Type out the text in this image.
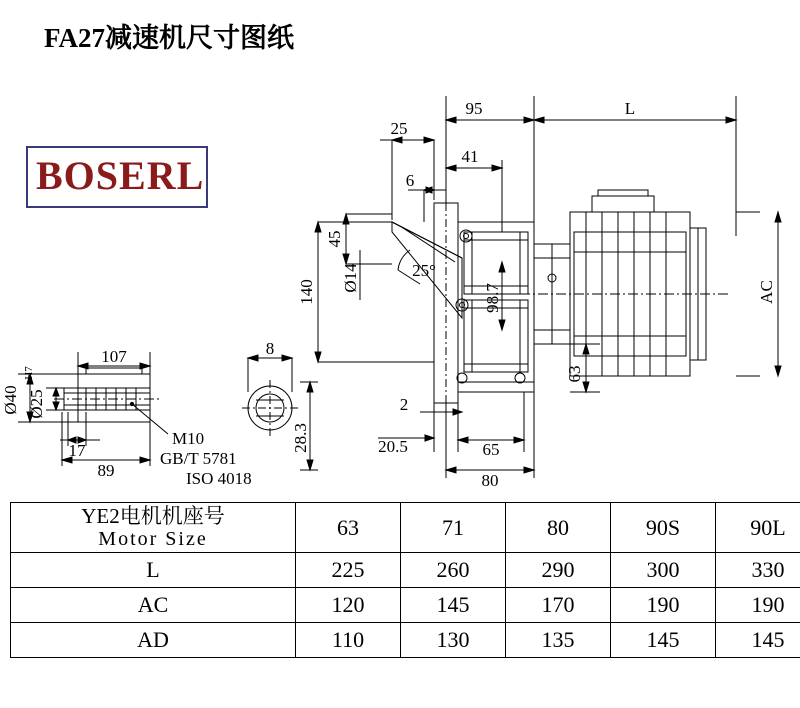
FA27减速机尺寸图纸
BOSERL
95	L
25
41
6
45
140 Ø14	25°
98.7	AC
63
2
20.5	65
80
107	8
17
89
Ø40 Ø25
H7
28.3
M10
GB/T 5781
ISO 4018
YE2电机机座号
Motor Size	63	71	80	90S	90L
L	225	260	290	300	330
AC	120	145	170	190	190
AD	110	130	135	145	145
